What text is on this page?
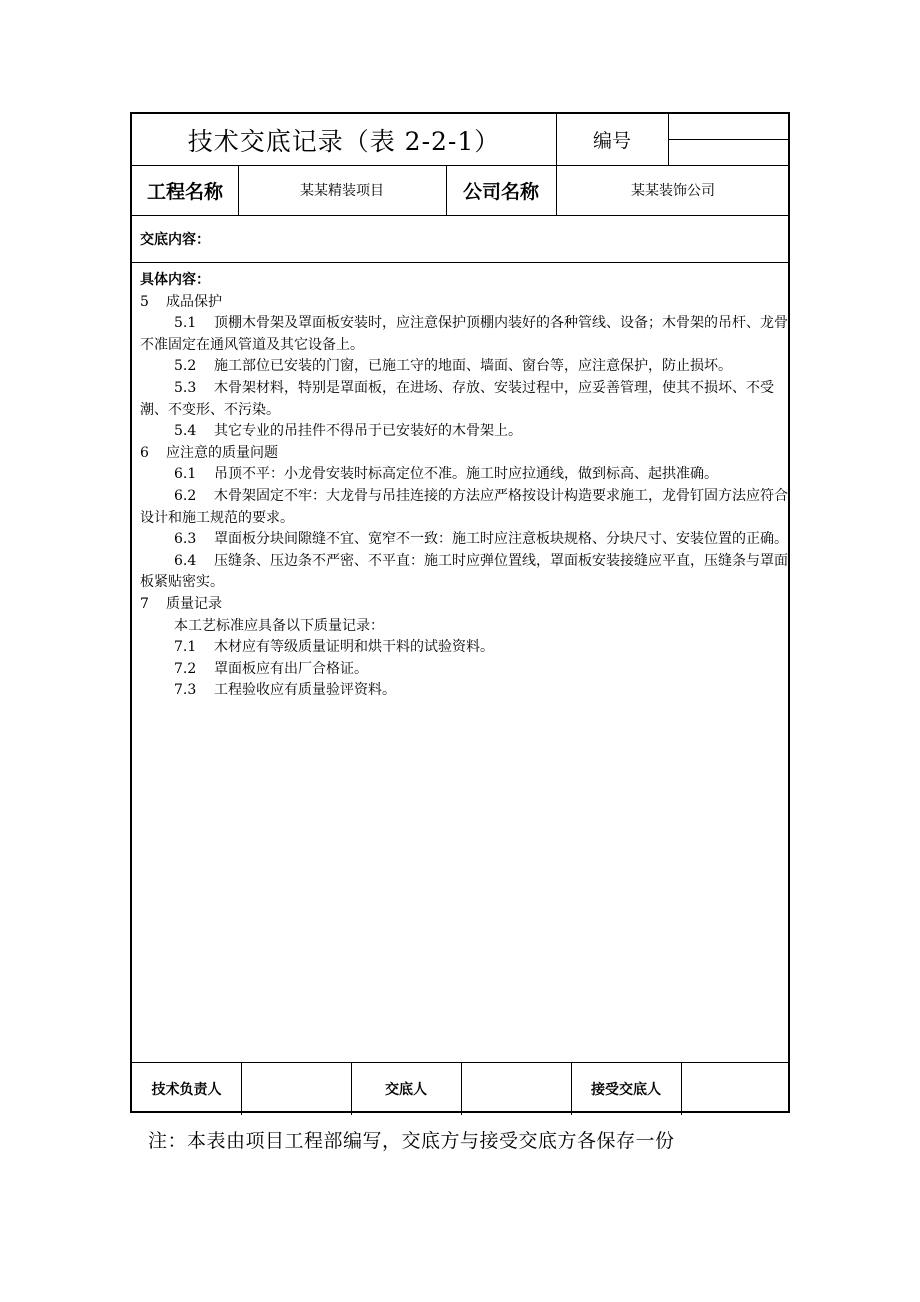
技术交底记录（表 2-2-1）	编号
工程名称	某某精装项目	公司名称	某某装饰公司
交底内容：

具体内容：

5 成品保护

5.1 顶棚木骨架及罩面板安装时，应注意保护顶棚内装好的各种管线、设备；木骨架的吊杆、龙骨不准固定在通风管道及其它设备上。

5.2 施工部位已安装的门窗，已施工守的地面、墙面、窗台等，应注意保护，防止损坏。

5.3 木骨架材料，特别是罩面板，在进场、存放、安装过程中，应妥善管理，使其不损坏、不受潮、不变形、不污染。

5.4 其它专业的吊挂件不得吊于已安装好的木骨架上。

6 应注意的质量问题

6.1 吊顶不平：小龙骨安装时标高定位不准。施工时应拉通线，做到标高、起拱准确。

6.2 木骨架固定不牢：大龙骨与吊挂连接的方法应严格按设计构造要求施工，龙骨钉固方法应符合设计和施工规范的要求。

6.3 罩面板分块间隙缝不宜、宽窄不一致：施工时应注意板块规格、分块尺寸、安装位置的正确。

6.4 压缝条、压边条不严密、不平直：施工时应弹位置线，罩面板安装接缝应平直，压缝条与罩面板紧贴密实。

7 质量记录

本工艺标准应具备以下质量记录：

7.1 木材应有等级质量证明和烘干料的试验资料。

7.2 罩面板应有出厂合格证。

7.3 工程验收应有质量验评资料。

技术负责人	交底人	接受交底人
注：本表由项目工程部编写，交底方与接受交底方各保存一份
